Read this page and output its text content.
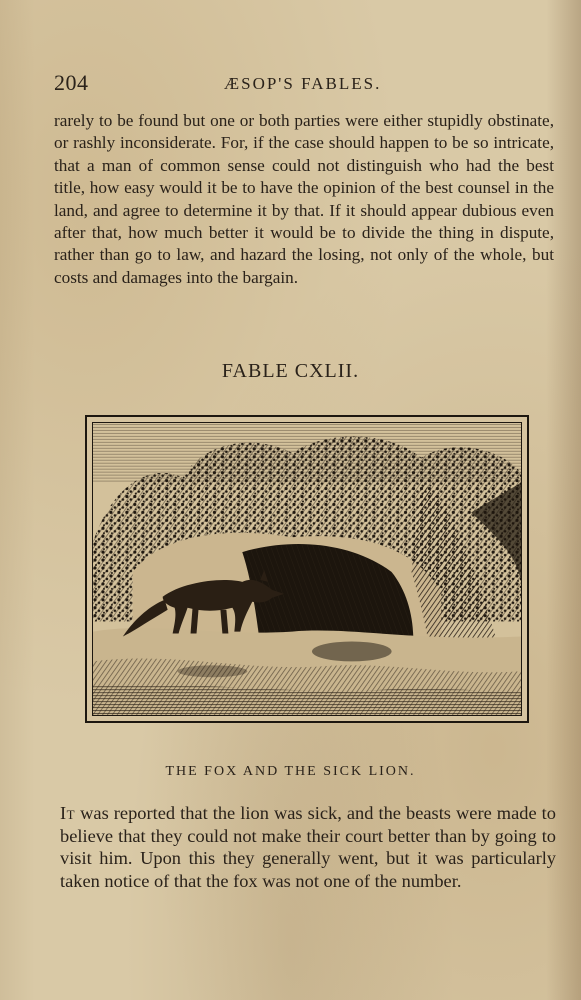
204	ÆSOP'S FABLES.

rarely to be found but one or both parties were either stupidly obstinate, or rashly inconsiderate. For, if the case should happen to be so intricate, that a man of common sense could not distinguish who had the best title, how easy would it be to have the opinion of the best counsel in the land, and agree to determine it by that. If it should appear dubious even after that, how much better it would be to divide the thing in dispute, rather than go to law, and hazard the losing, not only of the whole, but costs and damages into the bargain.

FABLE CXLII.
THE FOX AND THE SICK LION.

It was reported that the lion was sick, and the beasts were made to believe that they could not make their court better than by going to visit him. Upon this they generally went, but it was particularly taken notice of that the fox was not one of the number.
